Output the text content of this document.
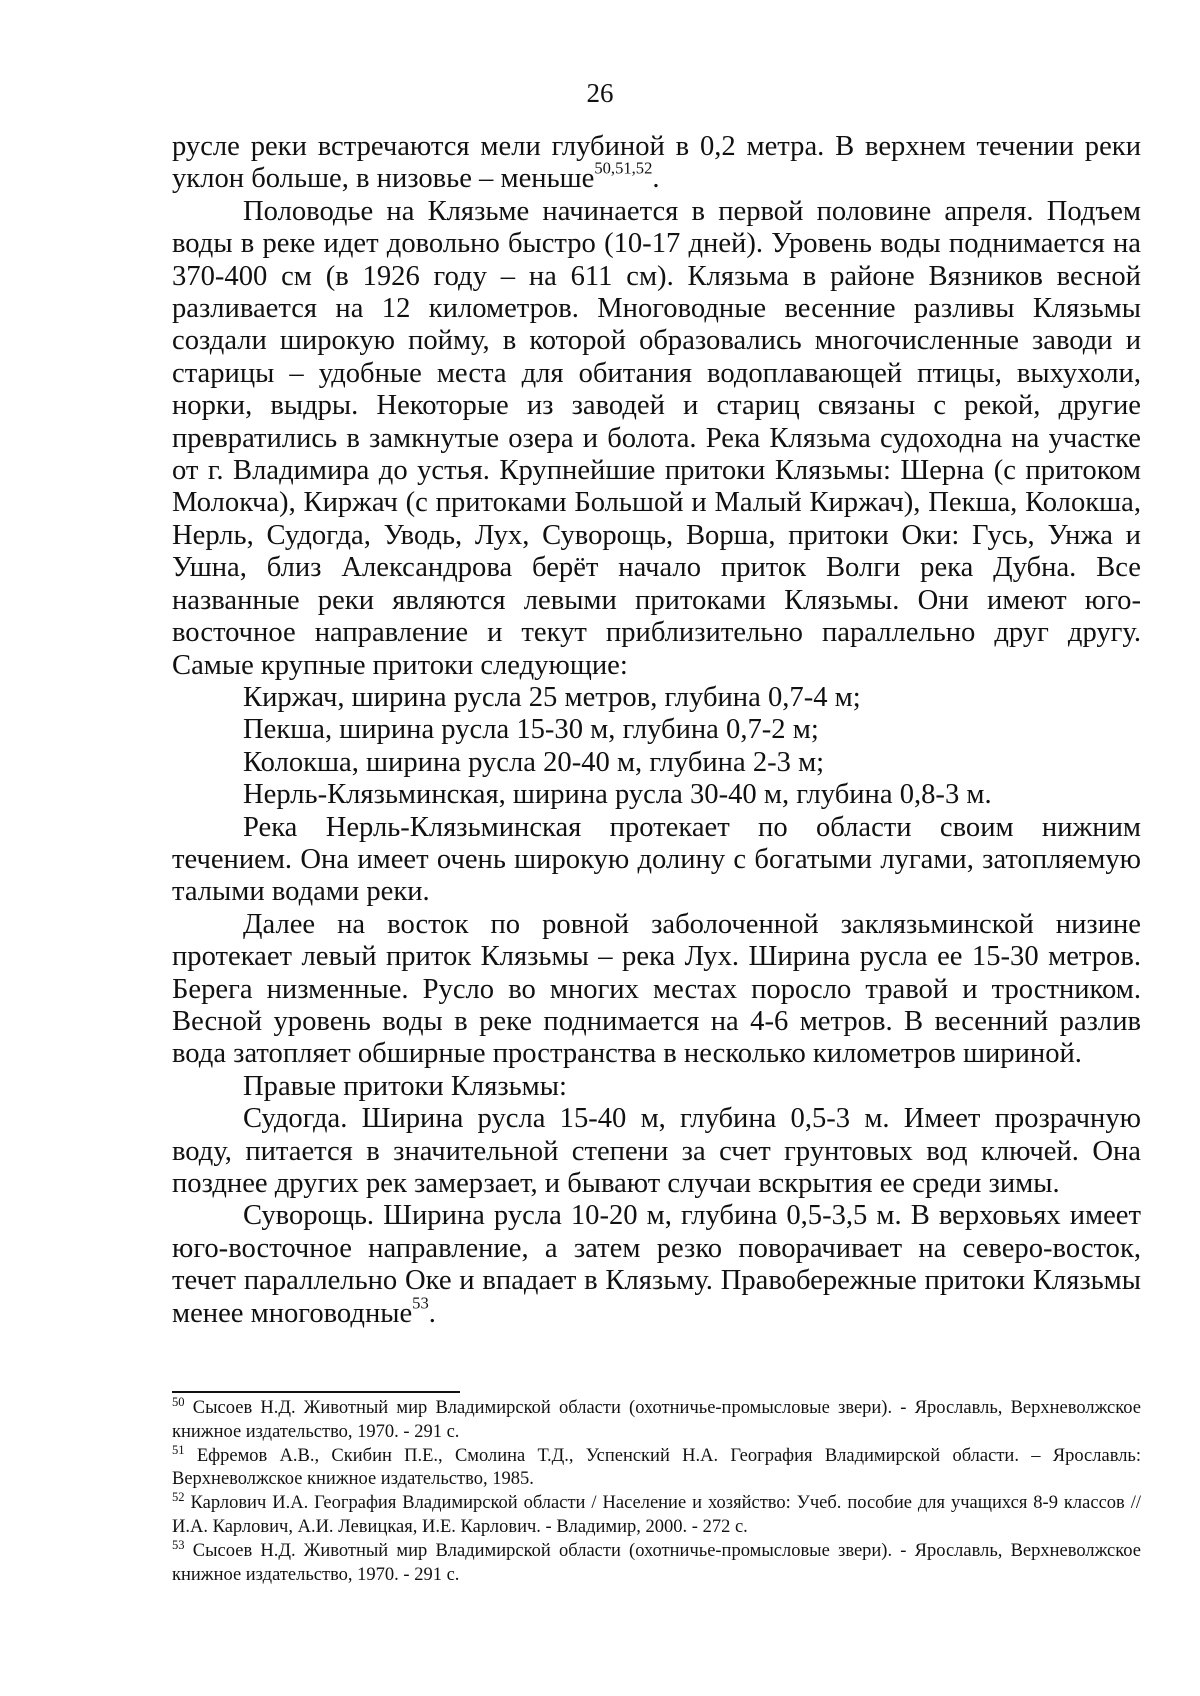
26

русле реки встречаются мели глубиной в 0,2 метра. В верхнем течении реки уклон больше, в низовье – меньше$^{50,51,52}$.

Половодье на Клязьме начинается в первой половине апреля. Подъем воды в реке идет довольно быстро (10-17 дней). Уровень воды поднимается на 370-400 см (в 1926 году – на 611 см). Клязьма в районе Вязников весной разливается на 12 километров. Многоводные весенние разливы Клязьмы создали широкую пойму, в которой образовались многочисленные заводи и старицы – удобные места для обитания водоплавающей птицы, выхухоли, норки, выдры. Некоторые из заводей и стариц связаны с рекой, другие превратились в замкнутые озера и болота. Река Клязьма судоходна на участке от г. Владимира до устья. Крупнейшие притоки Клязьмы: Шерна (с притоком Молокча), Киржач (с притоками Большой и Малый Киржач), Пекша, Колокша, Нерль, Судогда, Уводь, Лух, Суворощь, Ворша, притоки Оки: Гусь, Унжа и Ушна, близ Александрова берёт начало приток Волги река Дубна. Все названные реки являются левыми притоками Клязьмы. Они имеют юго-восточное направление и текут приблизительно параллельно друг другу. Самые крупные притоки следующие:

Киржач, ширина русла 25 метров, глубина 0,7-4 м;

Пекша, ширина русла 15-30 м, глубина 0,7-2 м;

Колокша, ширина русла 20-40 м, глубина 2-3 м;

Нерль-Клязьминская, ширина русла 30-40 м, глубина 0,8-3 м.

Река Нерль-Клязьминская протекает по области своим нижним течением. Она имеет очень широкую долину с богатыми лугами, затопляемую талыми водами реки.

Далее на восток по ровной заболоченной заклязьминской низине протекает левый приток Клязьмы – река Лух. Ширина русла ее 15-30 метров. Берега низменные. Русло во многих местах поросло травой и тростником. Весной уровень воды в реке поднимается на 4-6 метров. В весенний разлив вода затопляет обширные пространства в несколько километров шириной.

Правые притоки Клязьмы:

Судогда. Ширина русла 15-40 м, глубина 0,5-3 м. Имеет прозрачную воду, питается в значительной степени за счет грунтовых вод ключей. Она позднее других рек замерзает, и бывают случаи вскрытия ее среди зимы.

Суворощь. Ширина русла 10-20 м, глубина 0,5-3,5 м. В верховьях имеет юго-восточное направление, а затем резко поворачивает на северо-восток, течет параллельно Оке и впадает в Клязьму. Правобережные притоки Клязьмы менее многоводные$^{53}$.

$^{50}$ Сысоев Н.Д. Животный мир Владимирской области (охотничье-промысловые звери). - Ярославль, Верхневолжское книжное издательство, 1970. - 291 с.

$^{51}$ Ефремов А.В., Скибин П.Е., Смолина Т.Д., Успенский Н.А. География Владимирской области. – Ярославль: Верхневолжское книжное издательство, 1985.

$^{52}$ Карлович И.А. География Владимирской области / Население и хозяйство: Учеб. пособие для учащихся 8-9 классов // И.А. Карлович, А.И. Левицкая, И.Е. Карлович. - Владимир, 2000. - 272 с.

$^{53}$ Сысоев Н.Д. Животный мир Владимирской области (охотничье-промысловые звери). - Ярославль, Верхневолжское книжное издательство, 1970. - 291 с.
